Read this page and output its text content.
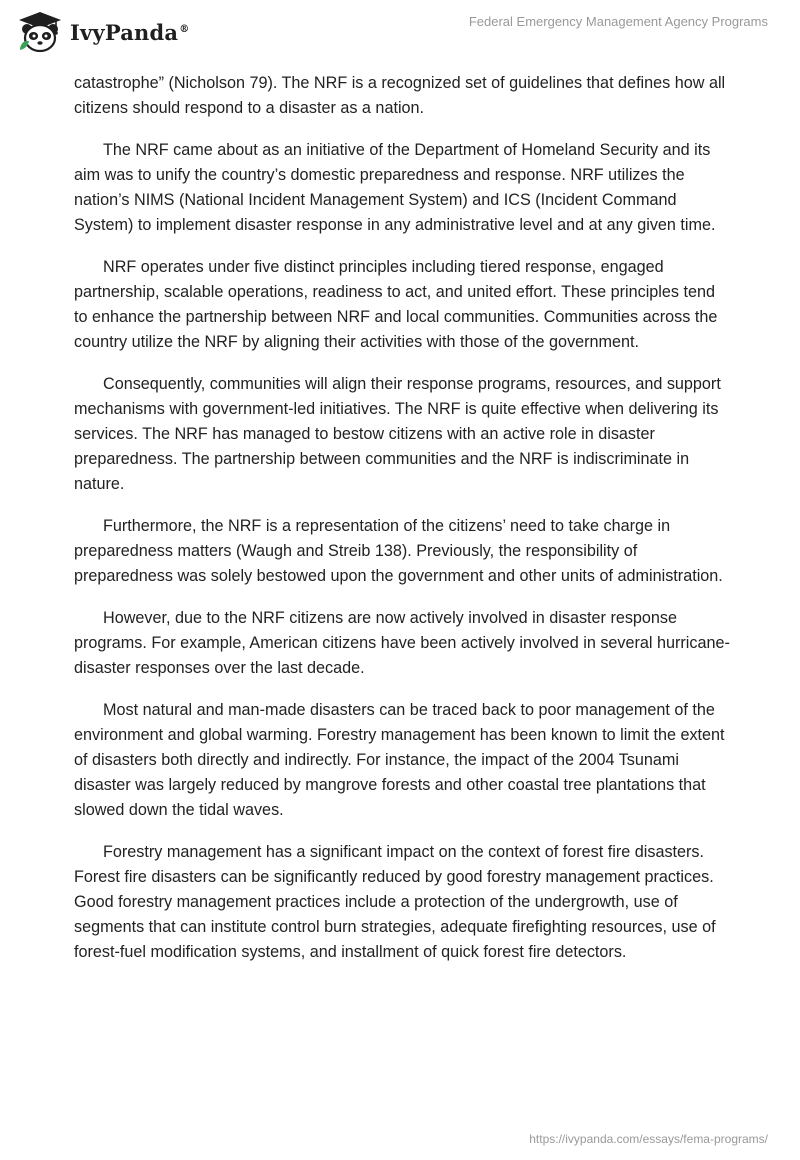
IvyPanda®	Federal Emergency Management Agency Programs

catastrophe” (Nicholson 79). The NRF is a recognized set of guidelines that defines how all citizens should respond to a disaster as a nation.

The NRF came about as an initiative of the Department of Homeland Security and its aim was to unify the country’s domestic preparedness and response. NRF utilizes the nation’s NIMS (National Incident Management System) and ICS (Incident Command System) to implement disaster response in any administrative level and at any given time.

NRF operates under five distinct principles including tiered response, engaged partnership, scalable operations, readiness to act, and united effort. These principles tend to enhance the partnership between NRF and local communities. Communities across the country utilize the NRF by aligning their activities with those of the government.

Consequently, communities will align their response programs, resources, and support mechanisms with government-led initiatives. The NRF is quite effective when delivering its services. The NRF has managed to bestow citizens with an active role in disaster preparedness. The partnership between communities and the NRF is indiscriminate in nature.

Furthermore, the NRF is a representation of the citizens’ need to take charge in preparedness matters (Waugh and Streib 138). Previously, the responsibility of preparedness was solely bestowed upon the government and other units of administration.

However, due to the NRF citizens are now actively involved in disaster response programs. For example, American citizens have been actively involved in several hurricane-disaster responses over the last decade.

Most natural and man-made disasters can be traced back to poor management of the environment and global warming. Forestry management has been known to limit the extent of disasters both directly and indirectly. For instance, the impact of the 2004 Tsunami disaster was largely reduced by mangrove forests and other coastal tree plantations that slowed down the tidal waves.

Forestry management has a significant impact on the context of forest fire disasters. Forest fire disasters can be significantly reduced by good forestry management practices. Good forestry management practices include a protection of the undergrowth, use of segments that can institute control burn strategies, adequate firefighting resources, use of forest-fuel modification systems, and installment of quick forest fire detectors.

https://ivypanda.com/essays/fema-programs/
